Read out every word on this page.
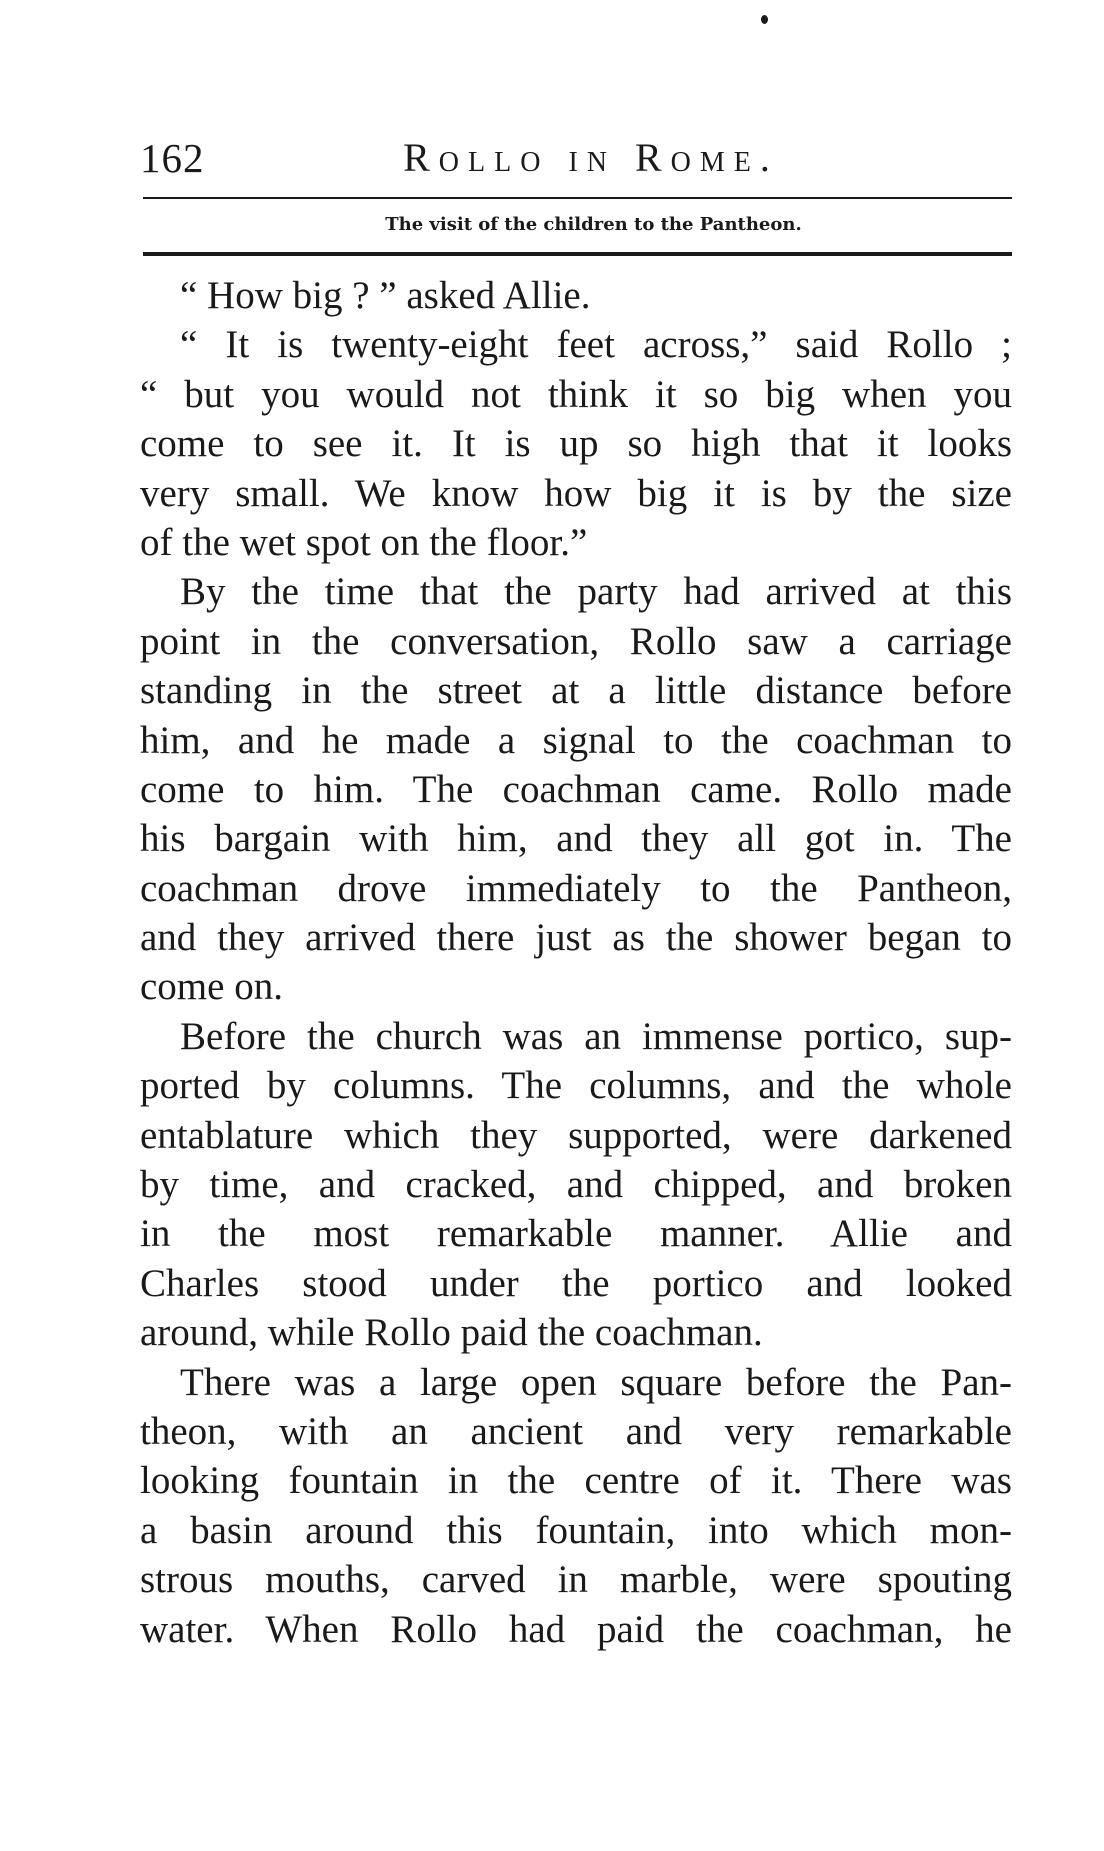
162	Rollo in Rome.
The visit of the children to the Pantheon.
“ How big ? ” asked Allie.
“ It is twenty-eight feet across,” said Rollo ;
“ but you would not think it so big when you
come to see it. It is up so high that it looks
very small. We know how big it is by the size
of the wet spot on the floor.”
By the time that the party had arrived at this
point in the conversation, Rollo saw a carriage
standing in the street at a little distance before
him, and he made a signal to the coachman to
come to him. The coachman came. Rollo made
his bargain with him, and they all got in. The
coachman drove immediately to the Pantheon,
and they arrived there just as the shower began to
come on.
Before the church was an immense portico, sup-
ported by columns. The columns, and the whole
entablature which they supported, were darkened
by time, and cracked, and chipped, and broken
in the most remarkable manner. Allie and
Charles stood under the portico and looked
around, while Rollo paid the coachman.
There was a large open square before the Pan-
theon, with an ancient and very remarkable
looking fountain in the centre of it. There was
a basin around this fountain, into which mon-
strous mouths, carved in marble, were spouting
water. When Rollo had paid the coachman, he
